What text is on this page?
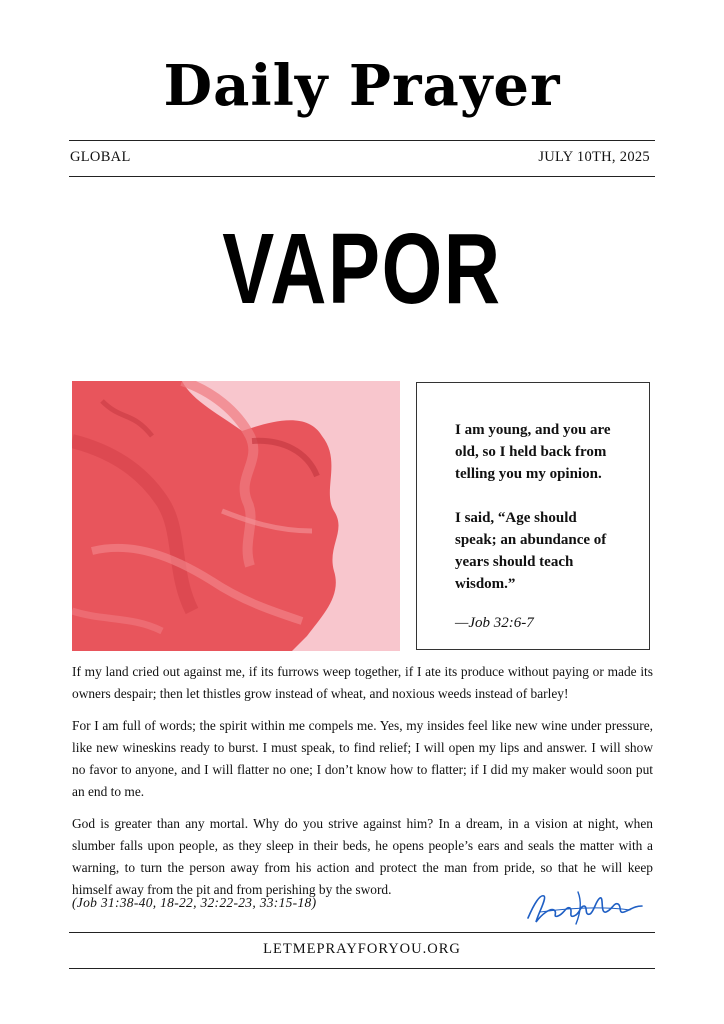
Daily Prayer
GLOBAL	JULY 10TH, 2025
VAPOR

I am young, and you are

old, so I held back from

telling you my opinion.

I said, “Age should

speak; an abundance of

years should teach

wisdom.”

—Job 32:6-7

If my land cried out against me, if its furrows weep together, if I ate its produce without paying or made its owners despair; then let thistles grow instead of wheat, and noxious weeds instead of barley!

For I am full of words; the spirit within me compels me. Yes, my insides feel like new wine under pressure, like new wineskins ready to burst. I must speak, to find relief; I will open my lips and answer. I will show no favor to anyone, and I will flatter no one; I don’t know how to flatter; if I did my maker would soon put an end to me.

God is greater than any mortal. Why do you strive against him? In a dream, in a vision at night, when slumber falls upon people, as they sleep in their beds, he opens people’s ears and seals the matter with a warning, to turn the person away from his action and protect the man from pride, so that he will keep himself away from the pit and from perishing by the sword.

(Job 31:38-40, 18-22, 32:22-23, 33:15-18)
LETMEPRAYFORYOU.ORG
